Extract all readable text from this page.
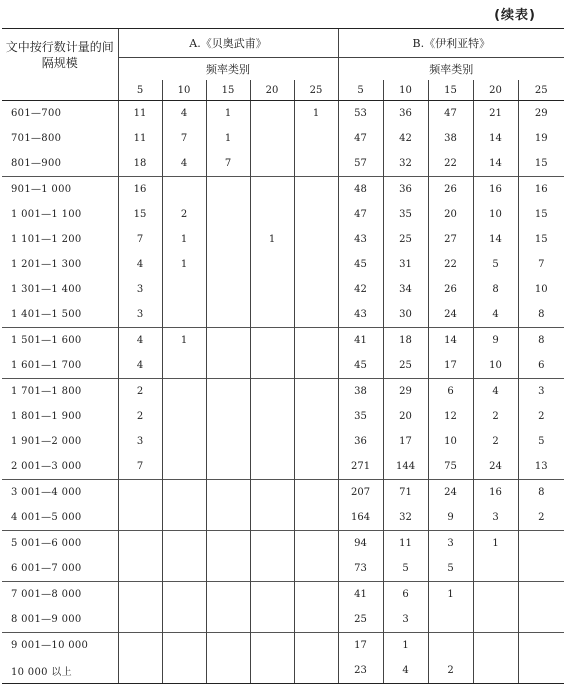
(续表)
文中按行数计量的间隔规模	A.《贝奥武甫》					B.《伊利亚特》				
	频率类别					频率类别				
	5	10	15	20	25	5	10	15	20	25
601—700	11	4	1		1	53	36	47	21	29
701—800	11	7	1			47	42	38	14	19
801—900	18	4	7			57	32	22	14	15
901—1 000	16					48	36	26	16	16
1 001—1 100	15	2				47	35	20	10	15
1 101—1 200	7	1		1		43	25	27	14	15
1 201—1 300	4	1				45	31	22	5	7
1 301—1 400	3					42	34	26	8	10
1 401—1 500	3					43	30	24	4	8
1 501—1 600	4	1				41	18	14	9	8
1 601—1 700	4					45	25	17	10	6
1 701—1 800	2					38	29	6	4	3
1 801—1 900	2					35	20	12	2	2
1 901—2 000	3					36	17	10	2	5
2 001—3 000	7					271	144	75	24	13
3 001—4 000						207	71	24	16	8
4 001—5 000						164	32	9	3	2
5 001—6 000						94	11	3	1	
6 001—7 000						73	5	5		
7 001—8 000						41	6	1		
8 001—9 000						25	3			
9 001—10 000						17	1			
10 000 以上						23	4	2		
